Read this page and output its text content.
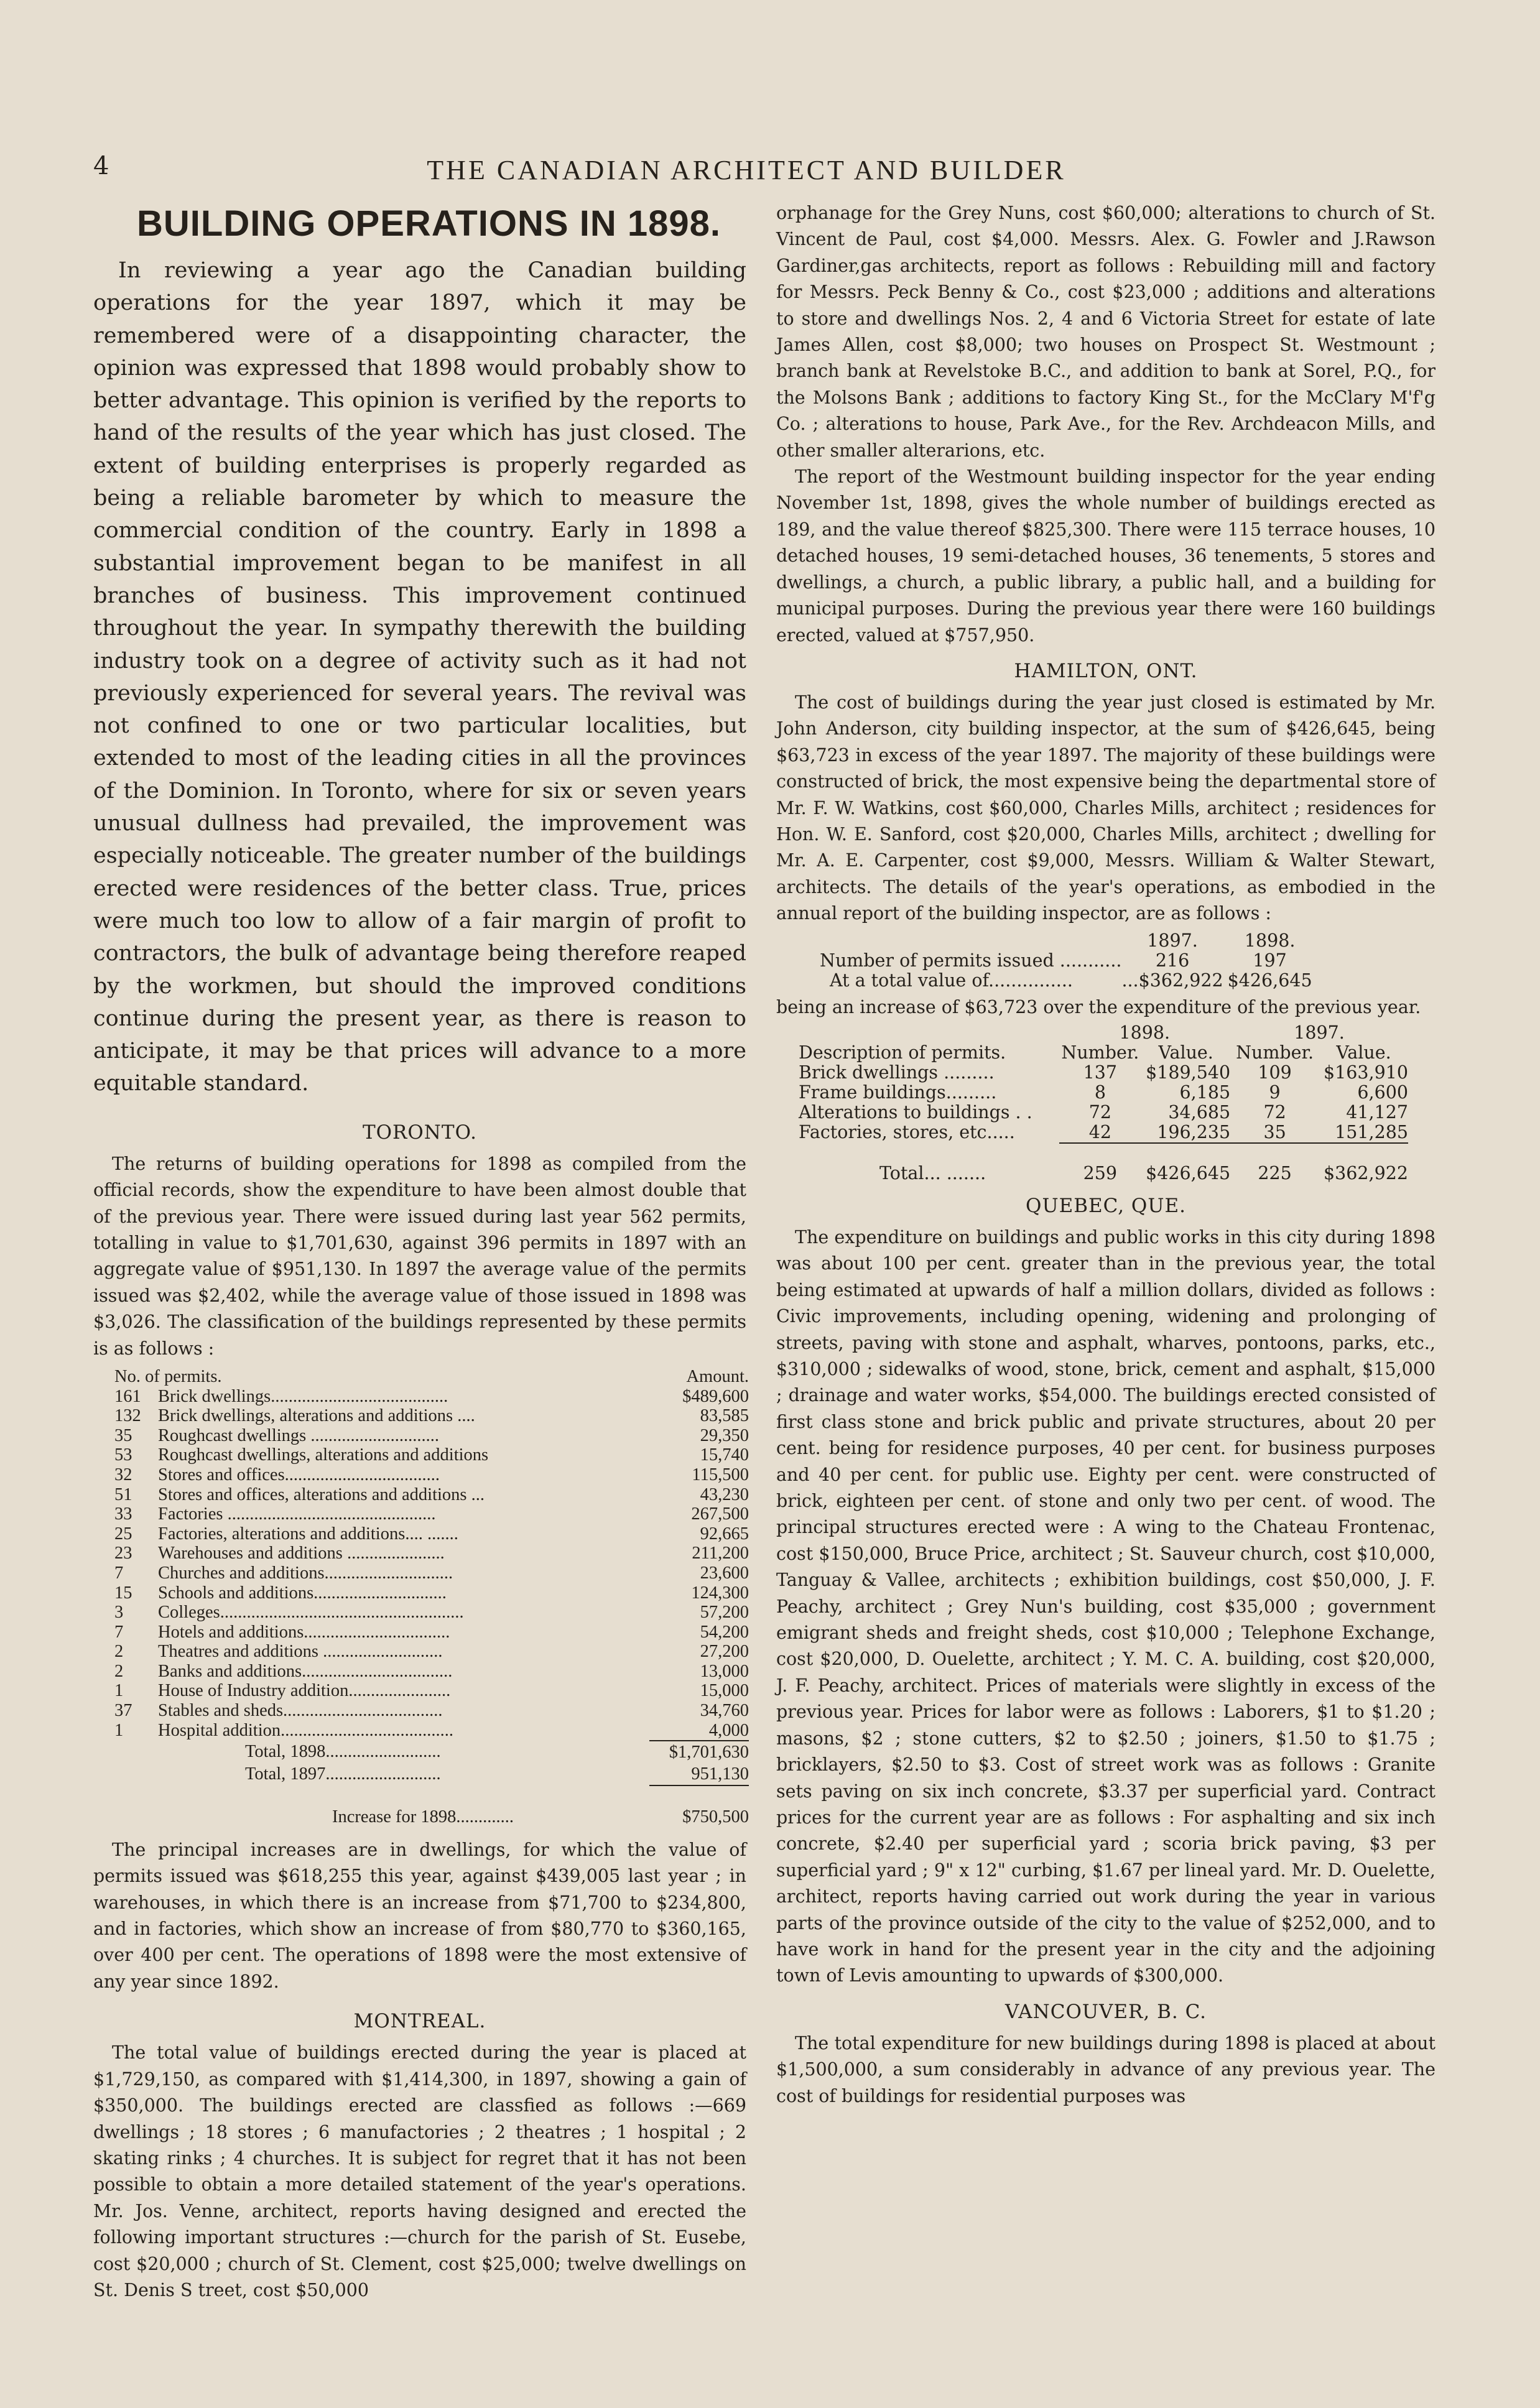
4	THE CANADIAN ARCHITECT AND BUILDER
BUILDING OPERATIONS IN 1898.

In reviewing a year ago the Canadian building operations for the year 1897, which it may be remembered were of a disappointing character, the opinion was expressed that 1898 would probably show to better advantage. This opinion is verified by the reports to hand of the results of the year which has just closed. The extent of building enterprises is properly regarded as being a reliable barometer by which to measure the commercial condition of the country. Early in 1898 a substantial improvement began to be manifest in all branches of business. This improvement continued throughout the year. In sympathy therewith the building industry took on a degree of activity such as it had not previously experienced for several years. The revival was not confined to one or two particular localities, but extended to most of the leading cities in all the provinces of the Dominion. In Toronto, where for six or seven years unusual dullness had prevailed, the improvement was especially noticeable. The greater number of the buildings erected were residences of the better class. True, prices were much too low to allow of a fair margin of profit to contractors, the bulk of advantage being therefore reaped by the workmen, but should the improved conditions continue during the present year, as there is reason to anticipate, it may be that prices will advance to a more equitable standard.

TORONTO.

The returns of building operations for 1898 as compiled from the official records, show the expenditure to have been almost double that of the previous year. There were issued during last year 562 permits, totalling in value to $1,701,630, against 396 permits in 1897 with an aggregate value of $951,130. In 1897 the average value of the permits issued was $2,402, while the average value of those issued in 1898 was $3,026. The classification of the buildings represented by these permits is as follows :

No. of permits.		Amount.
161	Brick dwellings........................................	$489,600
132	Brick dwellings, alterations and additions ....	83,585
35	Roughcast dwellings .............................	29,350
53	Roughcast dwellings, alterations and additions	15,740
32	Stores and offices...................................	115,500
51	Stores and offices, alterations and additions ...	43,230
33	Factories ...............................................	267,500
25	Factories, alterations and additions.... .......	92,665
23	Warehouses and additions ......................	211,200
7	Churches and additions.............................	23,600
15	Schools and additions..............................	124,300
3	Colleges.......................................................	57,200
7	Hotels and additions.................................	54,200
2	Theatres and additions ...........................	27,200
2	Banks and additions..................................	13,000
1	House of Industry addition.......................	15,000
37	Stables and sheds....................................	34,760
1	Hospital addition.......................................	4,000
	Total, 1898..........................	$1,701,630
	Total, 1897..........................	951,130

	Increase for 1898.............	$750,500

The principal increases are in dwellings, for which the value of permits issued was $618,255 this year, against $439,005 last year ; in warehouses, in which there is an increase from $71,700 to $234,800, and in factories, which show an increase of from $80,770 to $360,165, over 400 per cent. The operations of 1898 were the most extensive of any year since 1892.

MONTREAL.

The total value of buildings erected during the year is placed at $1,729,150, as compared with $1,414,300, in 1897, showing a gain of $350,000. The buildings erected are classfied as follows :—669 dwellings ; 18 stores ; 6 manufactories ; 2 theatres ; 1 hospital ; 2 skating rinks ; 4 churches. It is subject for regret that it has not been possible to obtain a more detailed statement of the year's operations. Mr. Jos. Venne, architect, reports having designed and erected the following important structures :—church for the parish of St. Eusebe, cost $20,000 ; church of St. Clement, cost $25,000; twelve dwellings on St. Denis S treet, cost $50,000

orphanage for the Grey Nuns, cost $60,000; alterations to church of St. Vincent de Paul, cost $4,000. Messrs. Alex. G. Fowler and J.Rawson Gardiner,gas architects, report as follows : Rebuilding mill and factory for Messrs. Peck Benny & Co., cost $23,000 ; additions and alterations to store and dwellings Nos. 2, 4 and 6 Victoria Street for estate of late James Allen, cost $8,000; two houses on Prospect St. Westmount ; branch bank at Revelstoke B.C., and addition to bank at Sorel, P.Q., for the Molsons Bank ; additions to factory King St., for the McClary M'f'g Co. ; alterations to house, Park Ave., for the Rev. Archdeacon Mills, and other smaller alterarions, etc.

The report of the Westmount building inspector for the year ending November 1st, 1898, gives the whole number of buildings erected as 189, and the value thereof $825,300. There were 115 terrace houses, 10 detached houses, 19 semi-detached houses, 36 tenements, 5 stores and dwellings, a church, a public library, a public hall, and a building for municipal purposes. During the previous year there were 160 buildings erected, valued at $757,950.

HAMILTON, ONT.

The cost of buildings during the year just closed is estimated by Mr. John Anderson, city building inspector, at the sum of $426,645, being $63,723 in excess of the year 1897. The majority of these buildings were constructed of brick, the most expensive being the departmental store of Mr. F. W. Watkins, cost $60,000, Charles Mills, architect ; residences for Hon. W. E. Sanford, cost $20,000, Charles Mills, architect ; dwelling for Mr. A. E. Carpenter, cost $9,000, Messrs. William & Walter Stewart, architects. The details of the year's operations, as embodied in the annual report of the building inspector, are as follows :

	1897.	1898.
Number of permits issued ...........	216	197
At a total value of...............	...$362,922	$426,645

being an increase of $63,723 over the expenditure of the previous year.

	1898.		1897.	
Description of permits.	Number.	Value.	Number.	Value.
Brick dwellings .........	137	$189,540	109	$163,910
Frame buildings.........	8	6,185	9	6,600
Alterations to buildings . .	72	34,685	72	41,127
Factories, stores, etc.....	42	196,235	35	151,285

Total... .......	259	$426,645	225	$362,922
QUEBEC, QUE.

The expenditure on buildings and public works in this city during 1898 was about 100 per cent. greater than in the previous year, the total being estimated at upwards of half a million dollars, divided as follows : Civic improvements, including opening, widening and prolonging of streets, paving with stone and asphalt, wharves, pontoons, parks, etc., $310,000 ; sidewalks of wood, stone, brick, cement and asphalt, $15,000 ; drainage and water works, $54,000. The buildings erected consisted of first class stone and brick public and private structures, about 20 per cent. being for residence purposes, 40 per cent. for business purposes and 40 per cent. for public use. Eighty per cent. were constructed of brick, eighteen per cent. of stone and only two per cent. of wood. The principal structures erected were : A wing to the Chateau Frontenac, cost $150,000, Bruce Price, architect ; St. Sauveur church, cost $10,000, Tanguay & Vallee, architects ; exhibition buildings, cost $50,000, J. F. Peachy, architect ; Grey Nun's building, cost $35,000 ; government emigrant sheds and freight sheds, cost $10,000 ; Telephone Exchange, cost $20,000, D. Ouelette, architect ; Y. M. C. A. building, cost $20,000, J. F. Peachy, architect. Prices of materials were slightly in excess of the previous year. Prices for labor were as follows : Laborers, $1 to $1.20 ; masons, $2 ; stone cutters, $2 to $2.50 ; joiners, $1.50 to $1.75 ; bricklayers, $2.50 to $3. Cost of street work was as follows : Granite sets paving on six inch concrete, $3.37 per superficial yard. Contract prices for the current year are as follows : For asphalting and six inch concrete, $2.40 per superficial yard ; scoria brick paving, $3 per superficial yard ; 9" x 12" curbing, $1.67 per lineal yard. Mr. D. Ouelette, architect, reports having carried out work during the year in various parts of the province outside of the city to the value of $252,000, and to have work in hand for the present year in the city and the adjoining town of Levis amounting to upwards of $300,000.

VANCOUVER, B. C.

The total expenditure for new buildings during 1898 is placed at about $1,500,000, a sum considerably in advance of any previous year. The cost of buildings for residential purposes was
